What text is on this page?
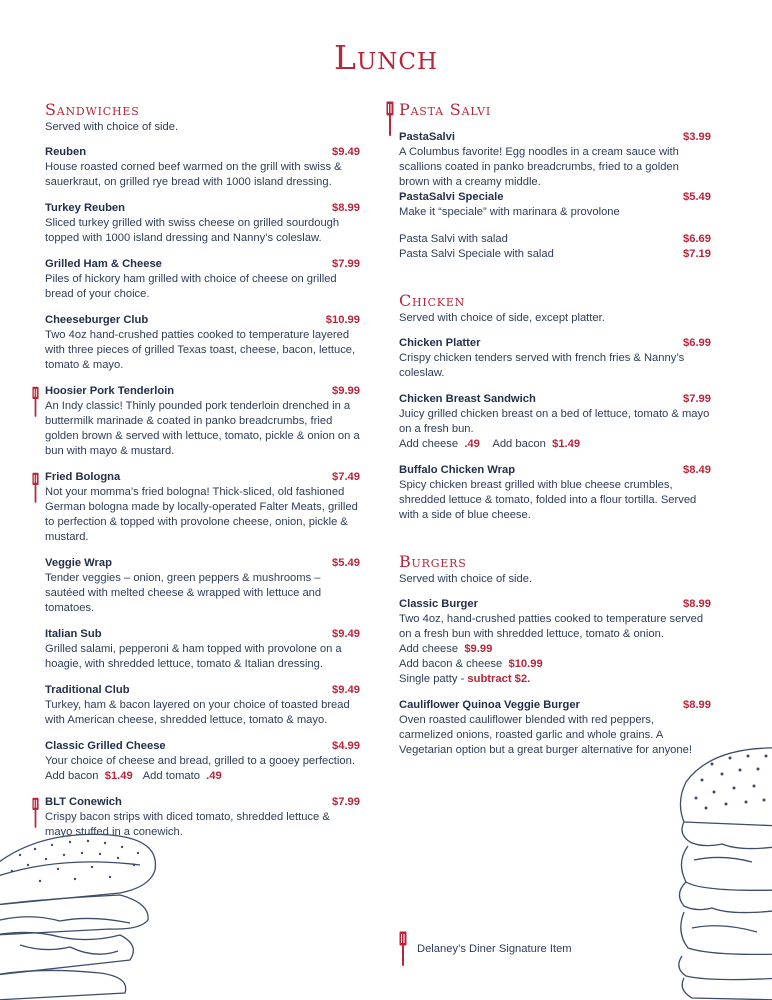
Lunch
Sandwiches
Served with choice of side.
Reuben	$9.49
House roasted corned beef warmed on the grill with swiss & sauerkraut, on grilled rye bread with 1000 island dressing.
Turkey Reuben	$8.99
Sliced turkey grilled with swiss cheese on grilled sourdough topped with 1000 island dressing and Nanny’s coleslaw.
Grilled Ham & Cheese	$7.99
Piles of hickory ham grilled with choice of cheese on grilled bread of your choice.
Cheeseburger Club	$10.99
Two 4oz hand-crushed patties cooked to temperature layered with three pieces of grilled Texas toast, cheese, bacon, lettuce, tomato & mayo.
Hoosier Pork Tenderloin	$9.99
An Indy classic! Thinly pounded pork tenderloin drenched in a buttermilk marinade & coated in panko breadcrumbs, fried golden brown & served with lettuce, tomato, pickle & onion on a bun with mayo & mustard.
Fried Bologna	$7.49
Not your momma’s fried bologna! Thick-sliced, old fashioned German bologna made by locally-operated Falter Meats, grilled to perfection & topped with provolone cheese, onion, pickle & mustard.
Veggie Wrap	$5.49
Tender veggies – onion, green peppers & mushrooms – sautéed with melted cheese & wrapped with lettuce and tomatoes.
Italian Sub	$9.49
Grilled salami, pepperoni & ham topped with provolone on a hoagie, with shredded lettuce, tomato & Italian dressing.
Traditional Club	$9.49
Turkey, ham & bacon layered on your choice of toasted bread with American cheese, shredded lettuce, tomato & mayo.
Classic Grilled Cheese	$4.99
Your choice of cheese and bread, grilled to a gooey perfection.
Add bacon $1.49 Add tomato .49
BLT Conewich	$7.99
Crispy bacon strips with diced tomato, shredded lettuce & mayo stuffed in a conewich.
Pasta Salvi
PastaSalvi	$3.99
A Columbus favorite! Egg noodles in a cream sauce with scallions coated in panko breadcrumbs, fried to a golden brown with a creamy middle.
PastaSalvi Speciale	$5.49
Make it “speciale” with marinara & provolone
Pasta Salvi with salad	$6.69
Pasta Salvi Speciale with salad	$7.19
Chicken
Served with choice of side, except platter.
Chicken Platter	$6.99
Crispy chicken tenders served with french fries & Nanny’s coleslaw.
Chicken Breast Sandwich	$7.99
Juicy grilled chicken breast on a bed of lettuce, tomato & mayo on a fresh bun.
Add cheese .49 Add bacon $1.49
Buffalo Chicken Wrap	$8.49
Spicy chicken breast grilled with blue cheese crumbles, shredded lettuce & tomato, folded into a flour tortilla. Served with a side of blue cheese.
Burgers
Served with choice of side.
Classic Burger	$8.99
Two 4oz, hand-crushed patties cooked to temperature served on a fresh bun with shredded lettuce, tomato & onion.
Add cheese $9.99
Add bacon & cheese $10.99
Single patty - subtract $2.
Cauliflower Quinoa Veggie Burger	$8.99
Oven roasted cauliflower blended with red peppers, carmelized onions, roasted garlic and whole grains. A Vegetarian option but a great burger alternative for anyone!
Delaney’s Diner Signature Item
